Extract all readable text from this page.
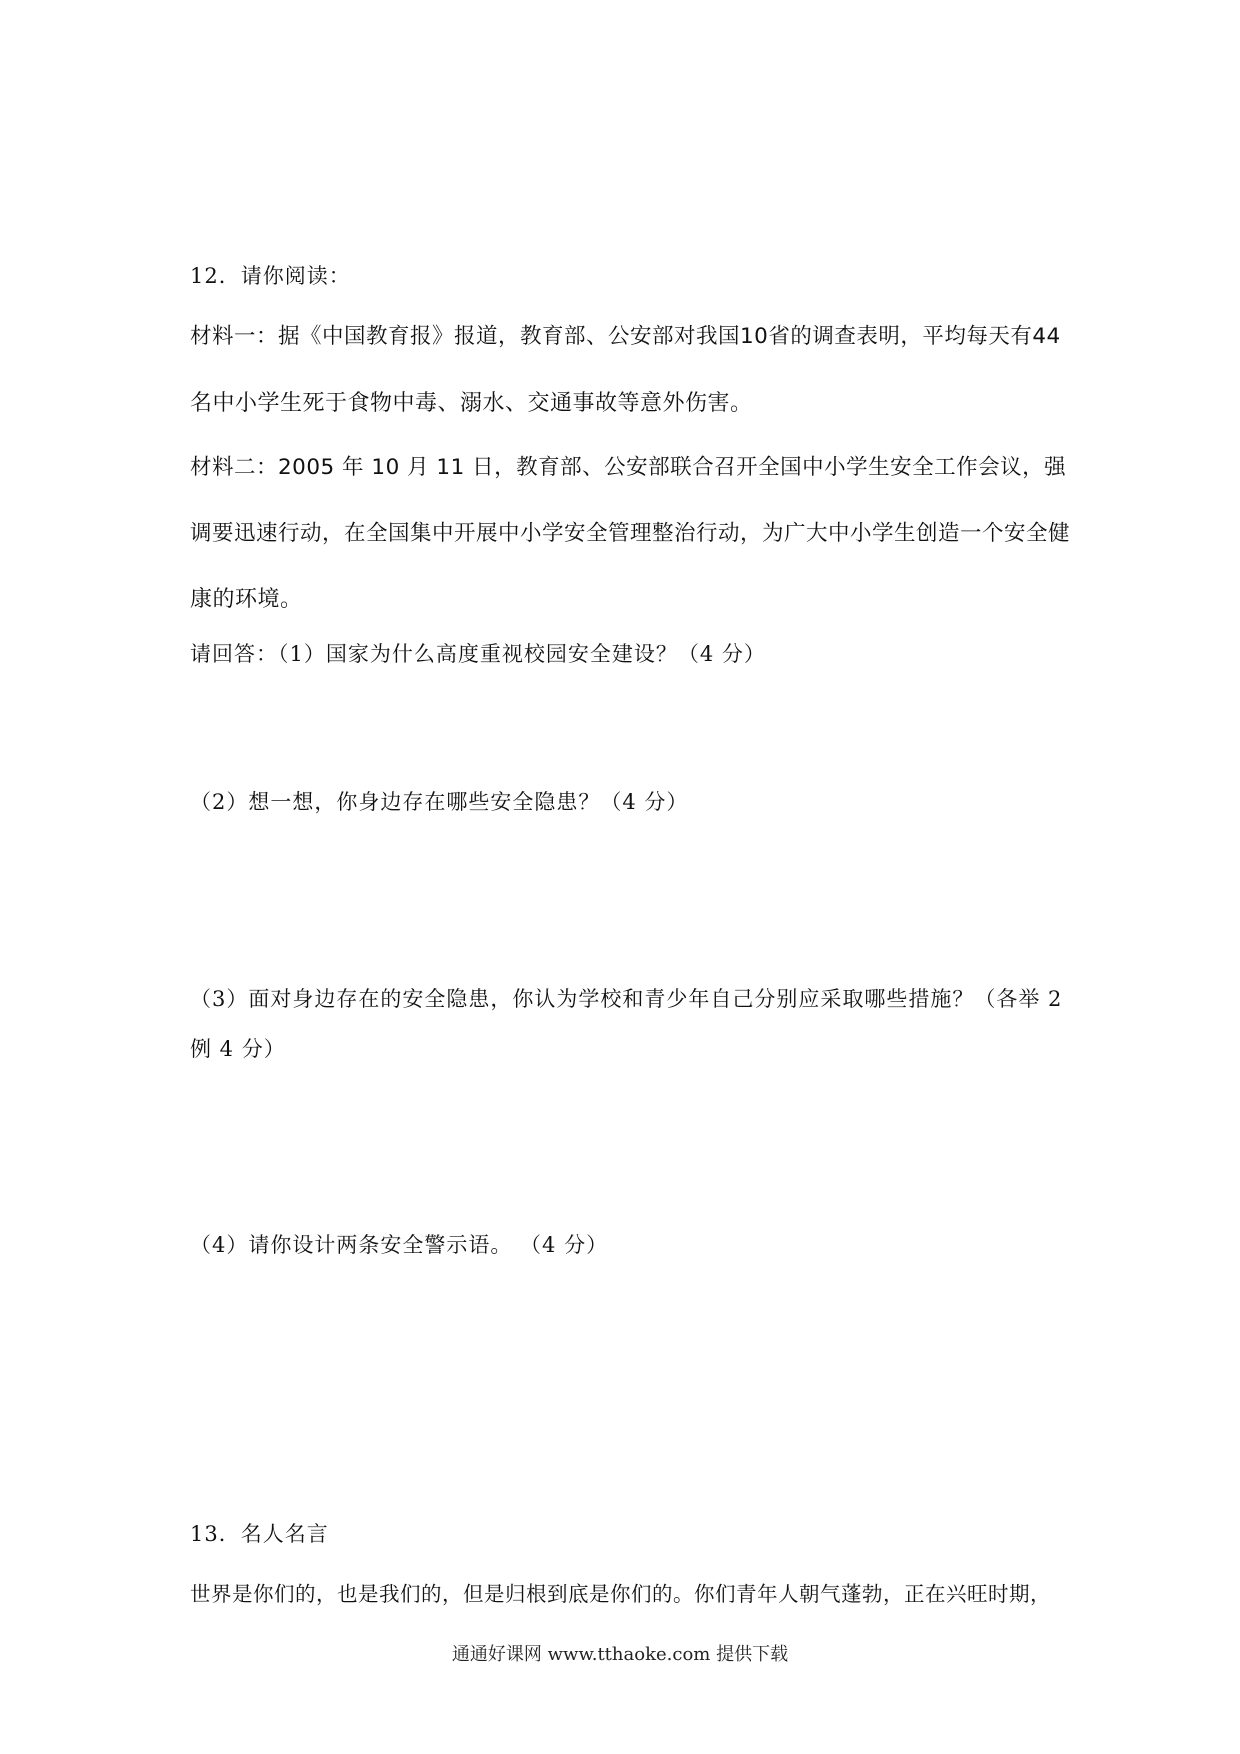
12．请你阅读：
材料一：据《中国教育报》报道，教育部、公安部对我国10省的调查表明，平均每天有44
名中小学生死于食物中毒、溺水、交通事故等意外伤害。
材料二：2005 年 10 月 11 日，教育部、公安部联合召开全国中小学生安全工作会议，强
调要迅速行动，在全国集中开展中小学安全管理整治行动，为广大中小学生创造一个安全健
康的环境。
请回答：（1）国家为什么高度重视校园安全建设？（4 分）
（2）想一想，你身边存在哪些安全隐患？（4 分）
（3）面对身边存在的安全隐患，你认为学校和青少年自己分别应采取哪些措施？（各举 2
例 4 分）
（4）请你设计两条安全警示语。 （4 分）
13．名人名言
世界是你们的，也是我们的，但是归根到底是你们的。你们青年人朝气蓬勃，正在兴旺时期，
通通好课网 www.tthaoke.com 提供下载
